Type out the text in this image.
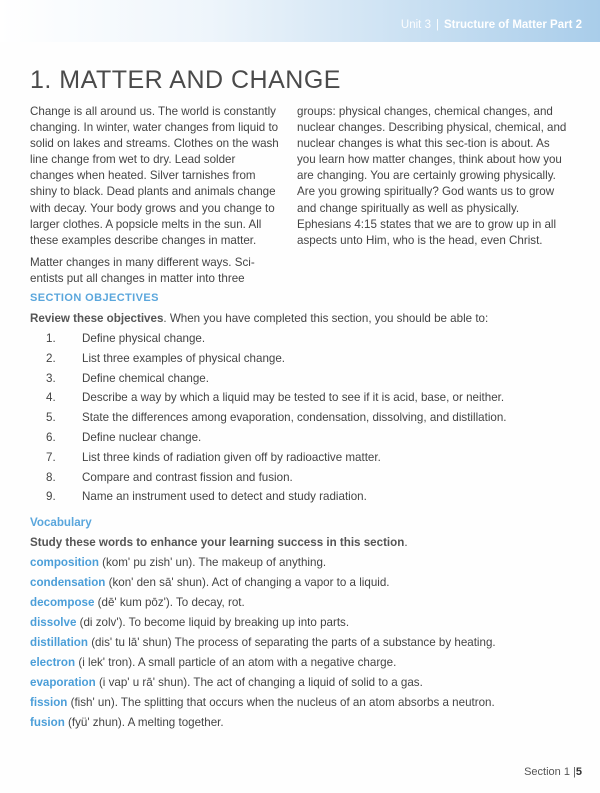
Unit 3 | Structure of Matter Part 2
1. MATTER AND CHANGE

Change is all around us. The world is constantly changing. In winter, water changes from liquid to solid on lakes and streams. Clothes on the wash line change from wet to dry. Lead solder changes when heated. Silver tarnishes from shiny to black. Dead plants and animals change with decay. Your body grows and you change to larger clothes. A popsicle melts in the sun. All these examples describe changes in matter.

Matter changes in many different ways. Sci-entists put all changes in matter into three

groups: physical changes, chemical changes, and nuclear changes. Describing physical, chemical, and nuclear changes is what this sec-tion is about. As you learn how matter changes, think about how you are changing. You are certainly growing physically. Are you growing spiritually? God wants us to grow and change spiritually as well as physically. Ephesians 4:15 states that we are to grow up in all aspects unto Him, who is the head, even Christ.

SECTION OBJECTIVES
Review these objectives. When you have completed this section, you should be able to:
1.	Define physical change.
2.	List three examples of physical change.
3.	Define chemical change.
4.	Describe a way by which a liquid may be tested to see if it is acid, base, or neither.
5.	State the differences among evaporation, condensation, dissolving, and distillation.
6.	Define nuclear change.
7.	List three kinds of radiation given off by radioactive matter.
8.	Compare and contrast fission and fusion.
9.	Name an instrument used to detect and study radiation.
Vocabulary
Study these words to enhance your learning success in this section.
composition (kom' pu zish' un). The makeup of anything.
condensation (kon' den sā' shun). Act of changing a vapor to a liquid.
decompose (dē' kum pōz'). To decay, rot.
dissolve (di zolv'). To become liquid by breaking up into parts.
distillation (dis' tu lā' shun) The process of separating the parts of a substance by heating.
electron (i lek' tron). A small particle of an atom with a negative charge.
evaporation (i vap' u rā' shun). The act of changing a liquid of solid to a gas.
fission (fish' un). The splitting that occurs when the nucleus of an atom absorbs a neutron.
fusion (fyü' zhun). A melting together.
Section 1 |5
